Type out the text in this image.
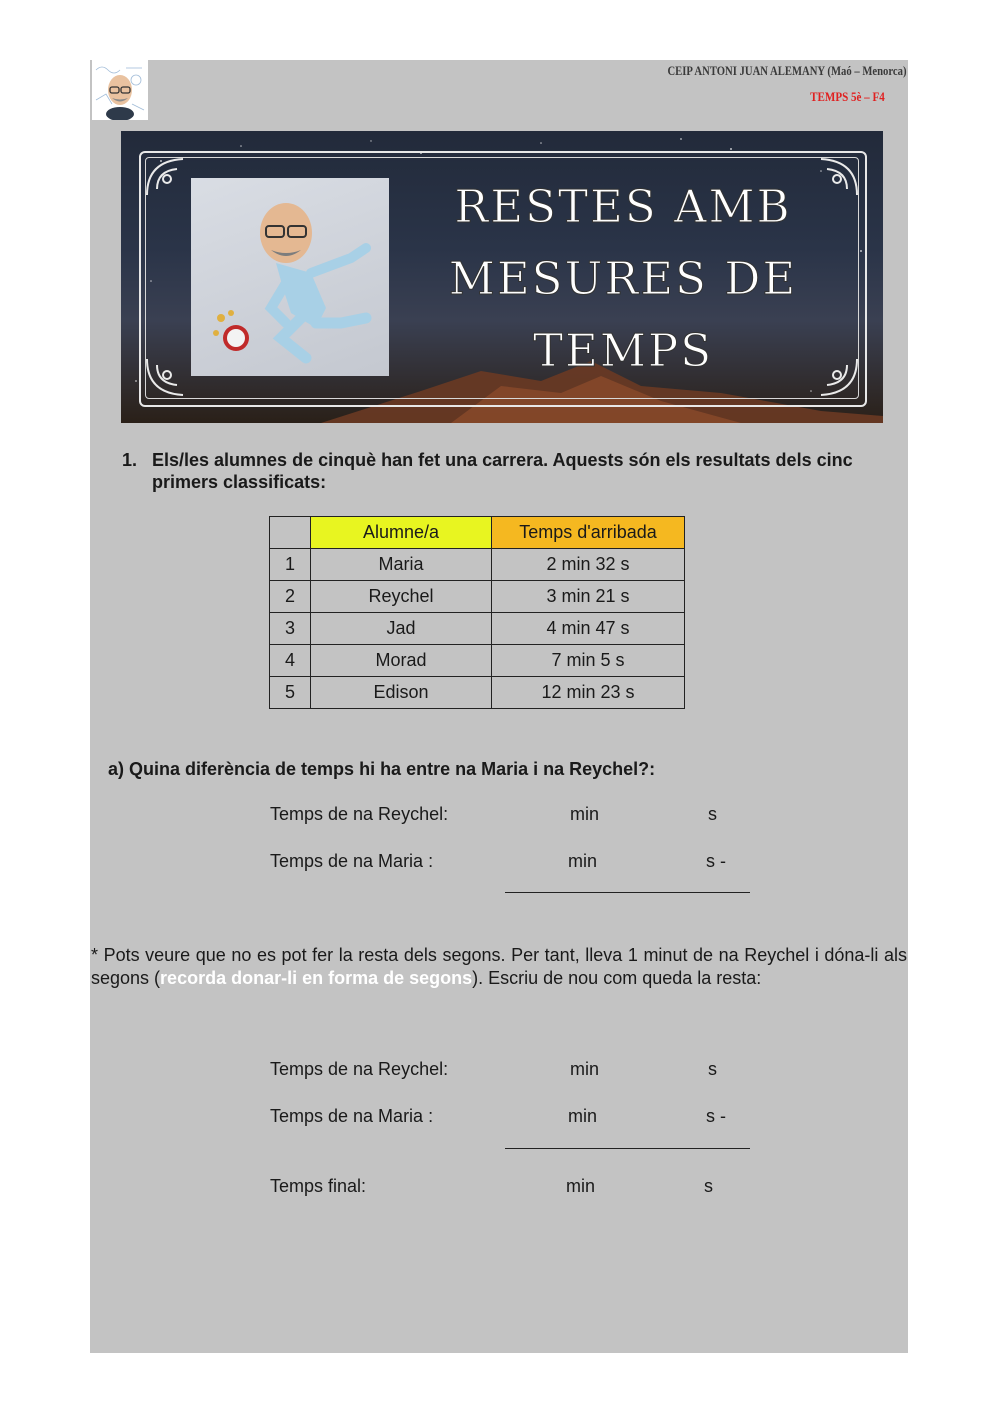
CEIP ANTONI JUAN ALEMANY (Maó – Menorca)
TEMPS 5è – F4
RESTES AMB
MESURES DE
TEMPS
1. Els/les alumnes de cinquè han fet una carrera. Aquests són els resultats dels cinc primers classificats:
	Alumne/a	Temps d'arribada
1	Maria	2 min 32 s
2	Reychel	3 min 21 s
3	Jad	4 min 47 s
4	Morad	7 min 5 s
5	Edison	12 min 23 s
a) Quina diferència de temps hi ha entre na Maria i na Reychel?:
Temps de na Reychel:	min	s
Temps de na Maria :	min	s -
* Pots veure que no es pot fer la resta dels segons. Per tant, lleva 1 minut de na Reychel i dóna-li als segons (recorda donar-li en forma de segons). Escriu de nou com queda la resta:
Temps de na Reychel:	min	s
Temps de na Maria :	min	s -
Temps final:	min	s
